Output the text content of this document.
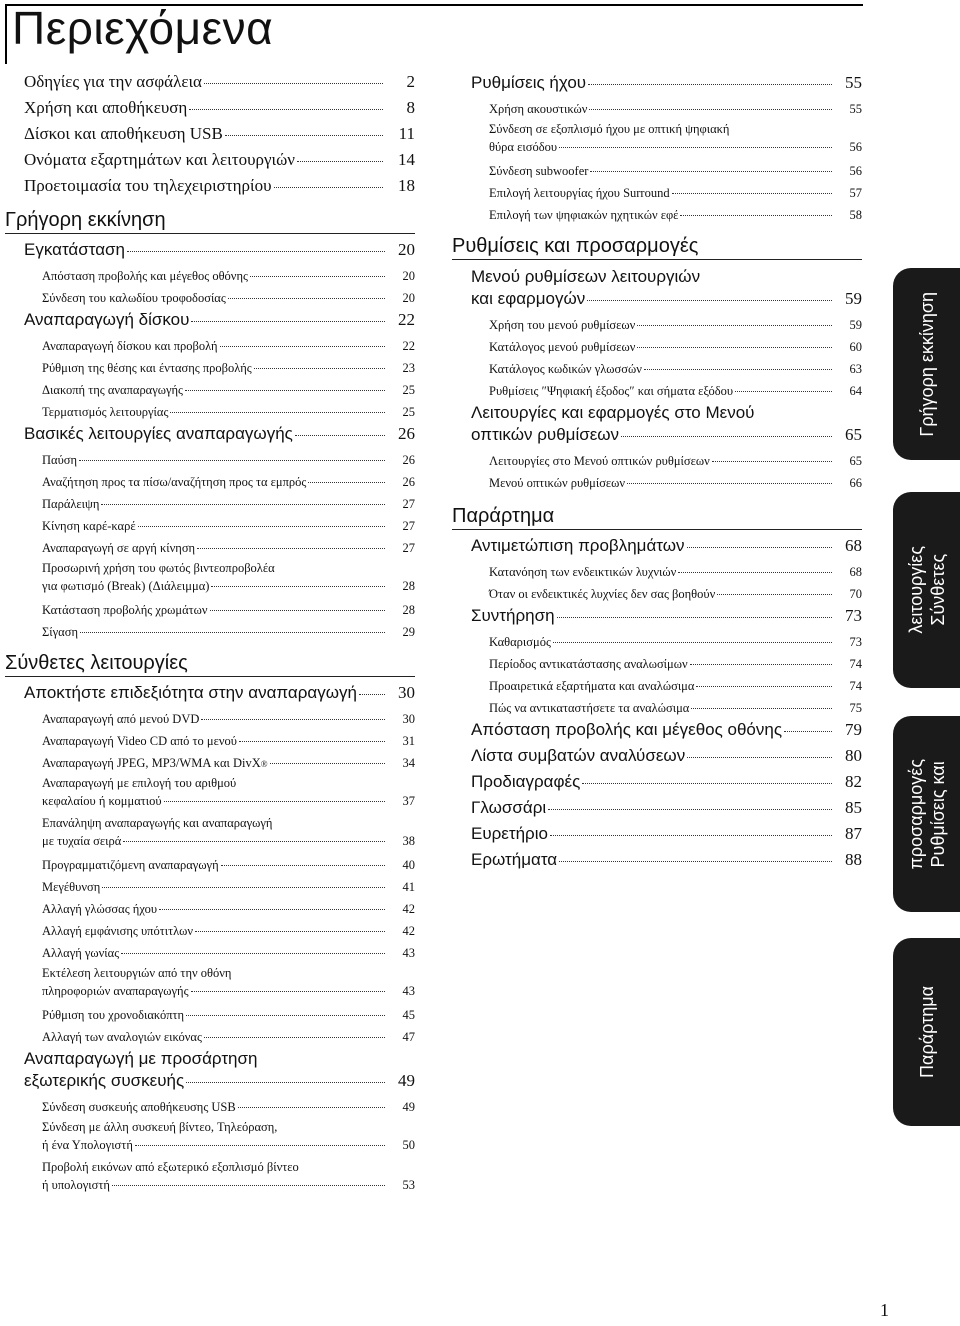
Περιεχόμενα
Οδηγίες για την ασφάλεια	2
Χρήση και αποθήκευση	8
Δίσκοι και αποθήκευση USB	11
Ονόματα εξαρτημάτων και λειτουργιών	14
Προετοιμασία του τηλεχειριστηρίου	18
Γρήγορη εκκίνηση
Εγκατάσταση	20
Απόσταση προβολής και μέγεθος οθόνης	20
Σύνδεση του καλωδίου τροφοδοσίας	20
Αναπαραγωγή δίσκου	22
Αναπαραγωγή δίσκου και προβολή	22
Ρύθμιση της θέσης και έντασης προβολής	23
Διακοπή της αναπαραγωγής	25
Τερματισμός λειτουργίας	25
Βασικές λειτουργίες αναπαραγωγής	26
Παύση	26
Αναζήτηση προς τα πίσω/αναζήτηση προς τα εμπρός	26
Παράλειψη	27
Κίνηση καρέ-καρέ	27
Αναπαραγωγή σε αργή κίνηση	27
Προσωρινή χρήση του φωτός βιντεοπροβολέα
για φωτισμό (Break) (Διάλειμμα)	28
Κατάσταση προβολής χρωμάτων	28
Σίγαση	29
Σύνθετες λειτουργίες
Αποκτήστε επιδεξιότητα στην αναπαραγωγή	30
Αναπαραγωγή από μενού DVD	30
Αναπαραγωγή Video CD από το μενού	31
Αναπαραγωγή JPEG, MP3/WMA και DivX ®	34
Αναπαραγωγή με επιλογή του αριθμού
κεφαλαίου ή κομματιού	37
Επανάληψη αναπαραγωγής και αναπαραγωγή
με τυχαία σειρά	38
Προγραμματιζόμενη αναπαραγωγή	40
Μεγέθυνση	41
Αλλαγή γλώσσας ήχου	42
Αλλαγή εμφάνισης υπότιτλων	42
Αλλαγή γωνίας	43
Εκτέλεση λειτουργιών από την οθόνη
πληροφοριών αναπαραγωγής	43
Ρύθμιση του χρονοδιακόπτη	45
Αλλαγή των αναλογιών εικόνας	47
Αναπαραγωγή με προσάρτηση
εξωτερικής συσκευής	49
Σύνδεση συσκευής αποθήκευσης USB	49
Σύνδεση με άλλη συσκευή βίντεο, Τηλεόραση,
ή ένα Υπολογιστή	50
Προβολή εικόνων από εξωτερικό εξοπλισμό βίντεο
ή υπολογιστή	53
Ρυθμίσεις ήχου	55
Χρήση ακουστικών	55
Σύνδεση σε εξοπλισμό ήχου με οπτική ψηφιακή
θύρα εισόδου	56
Σύνδεση subwoofer	56
Επιλογή λειτουργίας ήχου Surround	57
Επιλογή των ψηφιακών ηχητικών εφέ	58
Ρυθμίσεις και προσαρμογές
Μενού ρυθμίσεων λειτουργιών
και εφαρμογών	59
Χρήση του μενού ρυθμίσεων	59
Κατάλογος μενού ρυθμίσεων	60
Κατάλογος κωδικών γλωσσών	63
Ρυθμίσεις ″Ψηφιακή έξοδος″ και σήματα εξόδου	64
Λειτουργίες και εφαρμογές στο Μενού
οπτικών ρυθμίσεων	65
Λειτουργίες στο Μενού οπτικών ρυθμίσεων	65
Μενού οπτικών ρυθμίσεων	66
Παράρτημα
Αντιμετώπιση προβλημάτων	68
Κατανόηση των ενδεικτικών λυχνιών	68
Όταν οι ενδεικτικές λυχνίες δεν σας βοηθούν	70
Συντήρηση	73
Καθαρισμός	73
Περίοδος αντικατάστασης αναλωσίμων	74
Προαιρετικά εξαρτήματα και αναλώσιμα	74
Πώς να αντικαταστήσετε τα αναλώσιμα	75
Απόσταση προβολής και μέγεθος οθόνης	79
Λίστα συμβατών αναλύσεων	80
Προδιαγραφές	82
Γλωσσάρι	85
Ευρετήριο	87
Ερωτήματα	88
Γρήγορη εκκίνηση
Σύνθετες
λειτουργίες
Ρυθμίσεις και
προσαρμογές
Παράρτημα
1
